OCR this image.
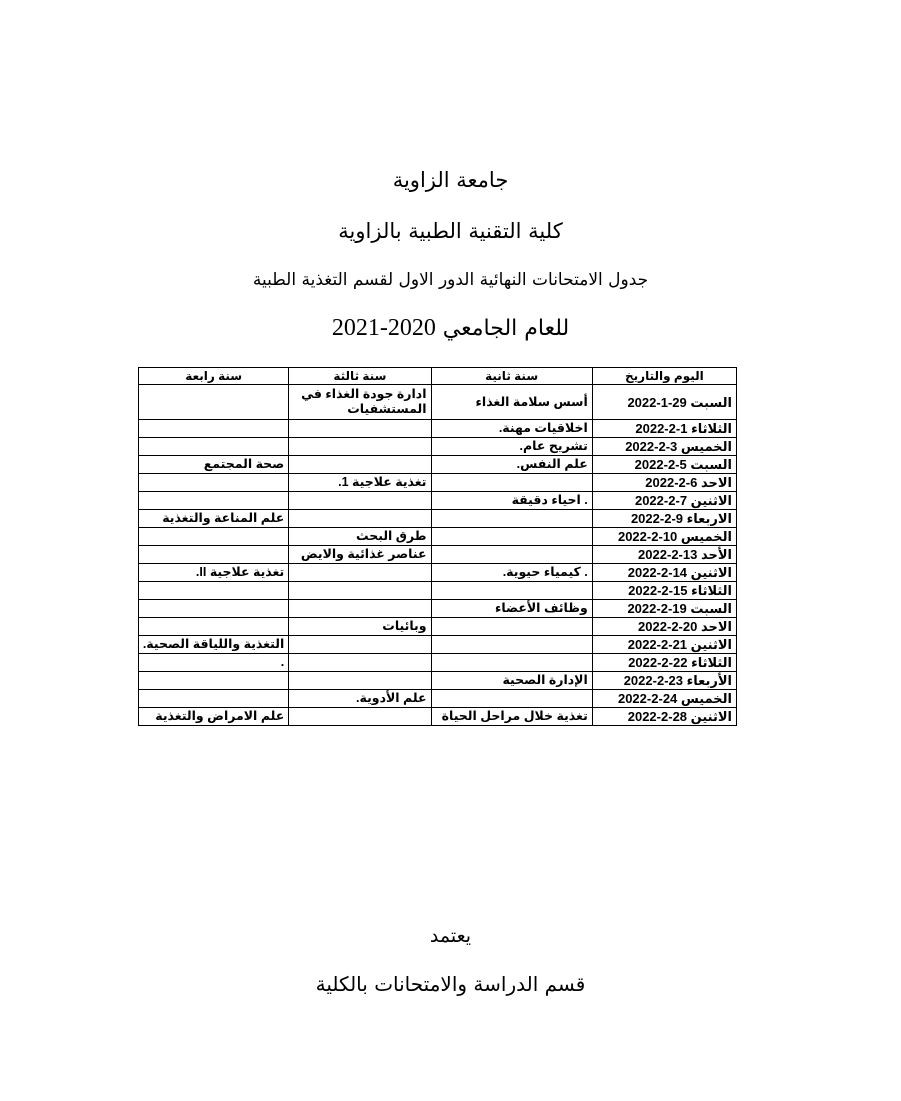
جامعة الزاوية
كلية التقنية الطبية بالزاوية
جدول الامتحانات النهائية الدور الاول لقسم التغذية الطبية
للعام الجامعي 2020-2021
اليوم والتاريخ	سنة ثانية	سنة ثالثة	سنة رابعة
السبت 29-1-2022	أسس سلامة الغذاء	ادارة جودة الغذاء في المستشفيات	
الثلاثاء 1-2-2022	اخلاقيات مهنة.		
الخميس 3-2-2022	تشريح عام.		
السبت 5-2-2022	علم النفس.		صحة المجتمع
الاحد 6-2-2022		تغذية علاجية 1.	
الاثنين 7-2-2022	. احياء دقيقة		
الاربعاء 9-2-2022			علم المناعة والتغذية
الخميس 10-2-2022		طرق البحث	
الأحد 13-2-2022		عناصر غذائية والايض	
الاثنين 14-2-2022	. كيمياء حيوية.		تغذية علاجية II.
الثلاثاء 15-2-2022			
السبت 19-2-2022	وظائف الأعضاء		
الاحد 20-2-2022		وبائيات	
الاثنين 21-2-2022			التغذية واللياقة الصحية.
الثلاثاء 22-2-2022			.
الأربعاء 23-2-2022	الإدارة الصحية		
الخميس 24-2-2022		علم الأدوية.	
الاثنين 28-2-2022	تغذية خلال مراحل الحياة		علم الامراض والتغذية
يعتمد
قسم الدراسة والامتحانات بالكلية
